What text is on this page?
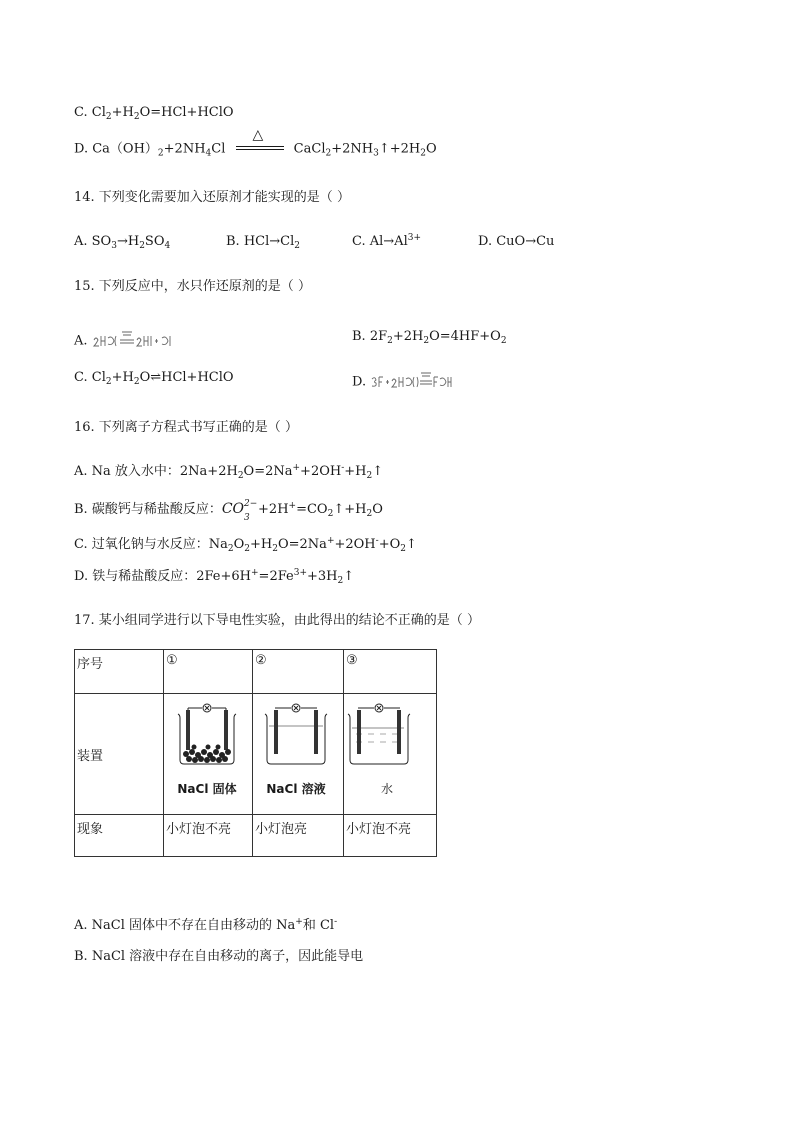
C. $Cl_2+H_2O=HCl+HClO$
D. $Ca(OH)_2+2NH_4Cl$
△
$CaCl_2+2NH_3↑+2H_2O$
14. 下列变化需要加入还原剂才能实现的是（ ）
A. $SO_3\to H_2SO_4$	B. $HCl\to Cl_2$	C. $Al\to Al^{3+}$	D. CuO→Cu
15. 下列反应中，水只作还原剂的是（ ）
A.	B. $2F_2+2H_2O=4HF+O_2$
C. $Cl_2+H_2O\rightleftharpoons HCl+HClO$	D.
16. 下列离子方程式书写正确的是（ ）
A. Na 放入水中：$2Na+2H_2O=2Na^++2OH^-+H_2↑$
B. 碳酸钙与稀盐酸反应：CO 2−
3
$+2H^+=CO_2↑+H_2O$
C. 过氧化钠与水反应：$Na_2O_2+H_2O=2Na^++2OH^-+O_2↑$
D. 铁与稀盐酸反应：$2Fe+6H^+=2Fe^{3+}+3H_2↑$
17. 某小组同学进行以下导电性实验，由此得出的结论不正确的是（ ）
序号	①	②	③
装置	NaCl 固体	NaCl 溶液	水

现象	小灯泡不亮	小灯泡亮	小灯泡不亮
A. NaCl 固体中不存在自由移动的 Na+和 Cl-
B. NaCl 溶液中存在自由移动的离子，因此能导电
